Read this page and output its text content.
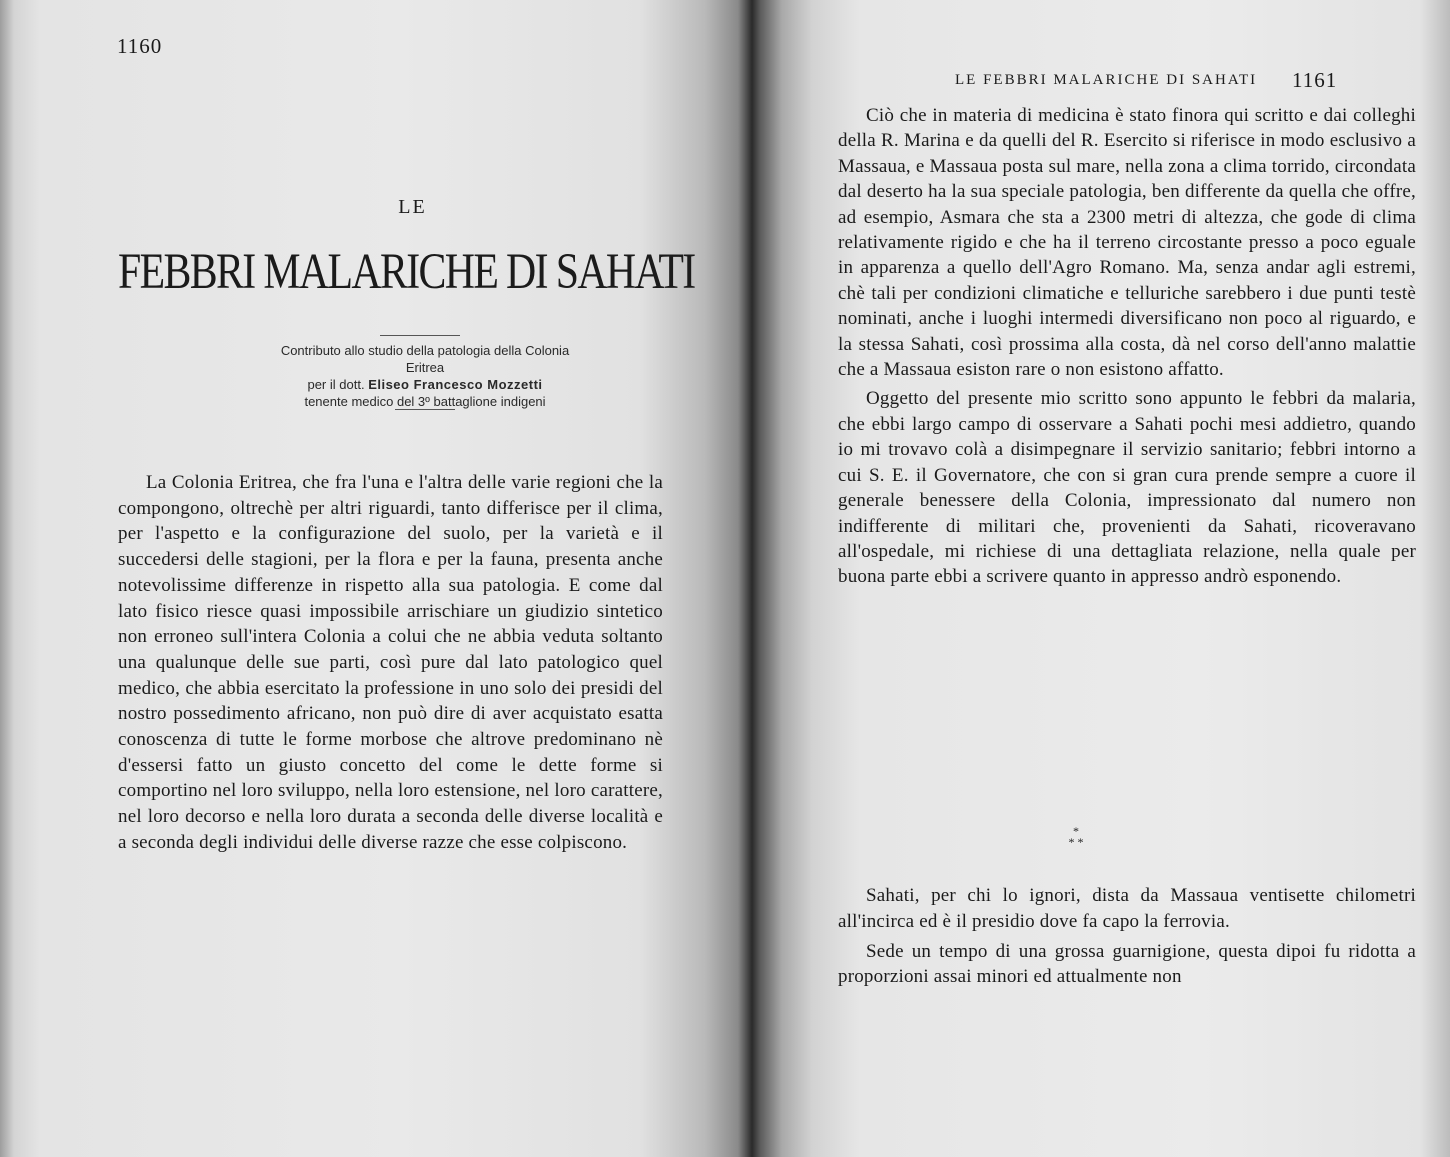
1160
LE
FEBBRI MALARICHE DI SAHATI
Contributo allo studio della patologia della Colonia Eritrea
per il dott. Eliseo Francesco Mozzetti
tenente medico del 3º battaglione indigeni

La Colonia Eritrea, che fra l'una e l'altra delle varie regioni che la compongono, oltrechè per altri riguardi, tanto differisce per il clima, per l'aspetto e la configurazione del suolo, per la varietà e il succedersi delle stagioni, per la flora e per la fauna, presenta anche notevolissime differenze in rispetto alla sua patologia. E come dal lato fisico riesce quasi impossibile arrischiare un giudizio sintetico non erroneo sull'intera Colonia a colui che ne abbia veduta soltanto una qualunque delle sue parti, così pure dal lato patologico quel medico, che abbia esercitato la professione in uno solo dei presidi del nostro possedimento africano, non può dire di aver acquistato esatta conoscenza di tutte le forme morbose che altrove predominano nè d'essersi fatto un giusto concetto del come le dette forme si comportino nel loro sviluppo, nella loro estensione, nel loro carattere, nel loro decorso e nella loro durata a seconda delle diverse località e a seconda degli individui delle diverse razze che esse colpiscono.

LE FEBBRI MALARICHE DI SAHATI 1161

Ciò che in materia di medicina è stato finora qui scritto e dai colleghi della R. Marina e da quelli del R. Esercito si riferisce in modo esclusivo a Massaua, e Massaua posta sul mare, nella zona a clima torrido, circondata dal deserto ha la sua speciale patologia, ben differente da quella che offre, ad esempio, Asmara che sta a 2300 metri di altezza, che gode di clima relativamente rigido e che ha il terreno circostante presso a poco eguale in apparenza a quello dell'Agro Romano. Ma, senza andar agli estremi, chè tali per condizioni climatiche e telluriche sarebbero i due punti testè nominati, anche i luoghi intermedi diversificano non poco al riguardo, e la stessa Sahati, così prossima alla costa, dà nel corso dell'anno malattie che a Massaua esiston rare o non esistono affatto.

Oggetto del presente mio scritto sono appunto le febbri da malaria, che ebbi largo campo di osservare a Sahati pochi mesi addietro, quando io mi trovavo colà a disimpegnare il servizio sanitario; febbri intorno a cui S. E. il Governatore, che con si gran cura prende sempre a cuore il generale benessere della Colonia, impressionato dal numero non indifferente di militari che, provenienti da Sahati, ricoveravano all'ospedale, mi richiese di una dettagliata relazione, nella quale per buona parte ebbi a scrivere quanto in appresso andrò esponendo.

*
* *

Sahati, per chi lo ignori, dista da Massaua ventisette chilometri all'incirca ed è il presidio dove fa capo la ferrovia.

Sede un tempo di una grossa guarnigione, questa dipoi fu ridotta a proporzioni assai minori ed attualmente non
